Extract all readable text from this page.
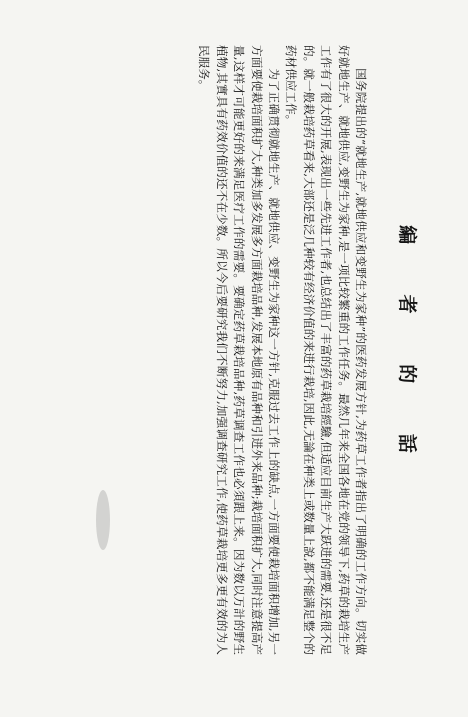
編 者 的 話

国务院提出的“就地生产,就地供应和变野生为家种”的医药发展方针,为药草工作者指出了明确的工作方向。切实做好就地生产、就地供应,变野生为家种,是一项比较繁重的工作任务。最然几年来全国各地在党的领导下,药草的栽培生产工作有了很大的开展,表现出一些先进工作者,也总结出了丰富的药草栽培經驗,但适应目前生产大跃进的需要,还是很不足的。就一般栽培药草看来,大部还是泛几种较有经济价值的来进行栽培,因此,无論在种类上或数量上說,都不能满足整个的药材供应工作。

为了正确贯彻就地生产、就地供应、变野生为家种这一方针,克服过去工作上的缺点,一方面要使栽培面积增加,另一方面要使栽培面积扩大,种类加多发展多方面栽培品种,发展本地原有品种和引进外来品种;栽培面积扩大,同时注意提高产量,这样才可能更好的来满足医疗工作的需要。要确定药草栽培品种,药草调查工作也必須跟上来。因为数以万計的野生植物,其實具有药效价值的还不在少数。所以今后要研究我们不断努力,加强调查研究工作,使药草栽培更多更有效的为人民服务。
